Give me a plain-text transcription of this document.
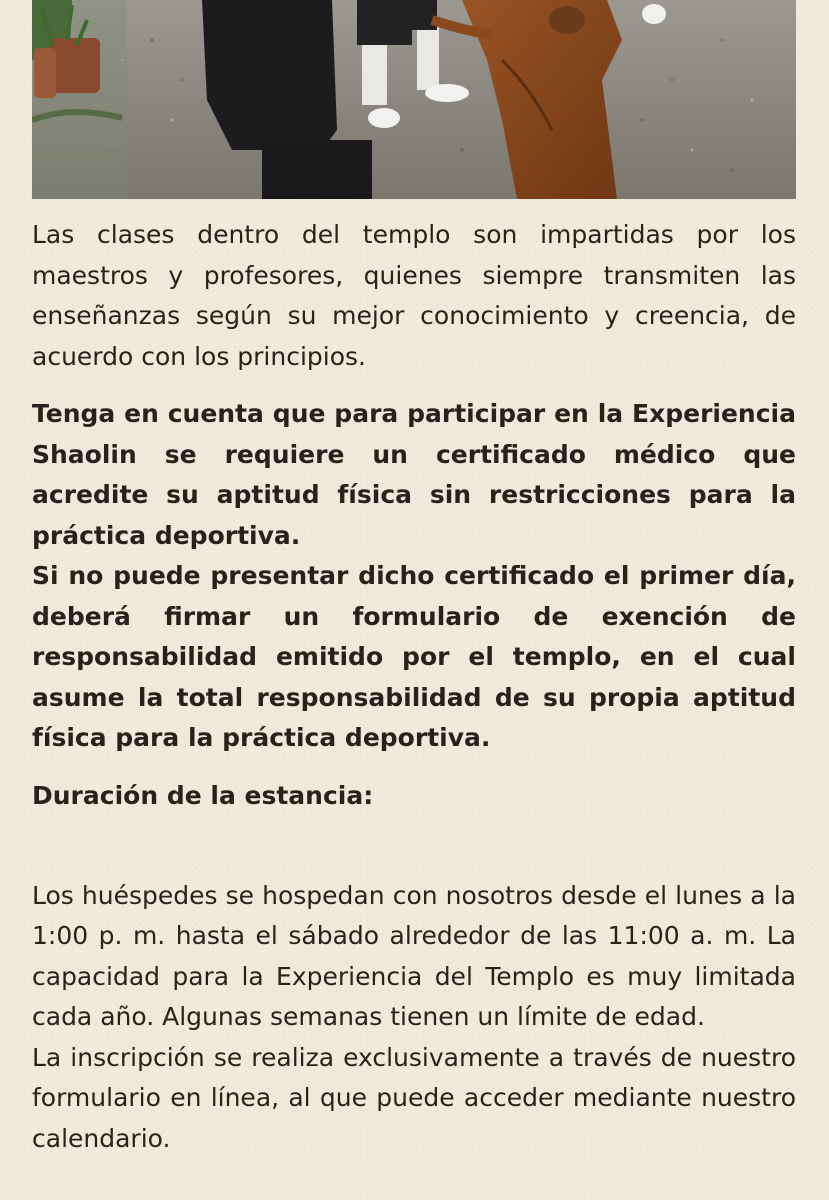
Las clases dentro del templo son impartidas por los maestros y profesores, quienes siempre transmiten las enseñanzas según su mejor conocimiento y creencia, de acuerdo con los principios.

Tenga en cuenta que para participar en la Experiencia Shaolin se requiere un certificado médico que acredite su aptitud física sin restricciones para la práctica deportiva.

Si no puede presentar dicho certificado el primer día, deberá firmar un formulario de exención de responsabilidad emitido por el templo, en el cual asume la total responsabilidad de su propia aptitud física para la práctica deportiva.

Duración de la estancia:

Los huéspedes se hospedan con nosotros desde el lunes a la 1:00 p. m. hasta el sábado alrededor de las 11:00 a. m. La capacidad para la Experiencia del Templo es muy limitada cada año. Algunas semanas tienen un límite de edad.

La inscripción se realiza exclusivamente a través de nuestro formulario en línea, al que puede acceder mediante nuestro calendario.
